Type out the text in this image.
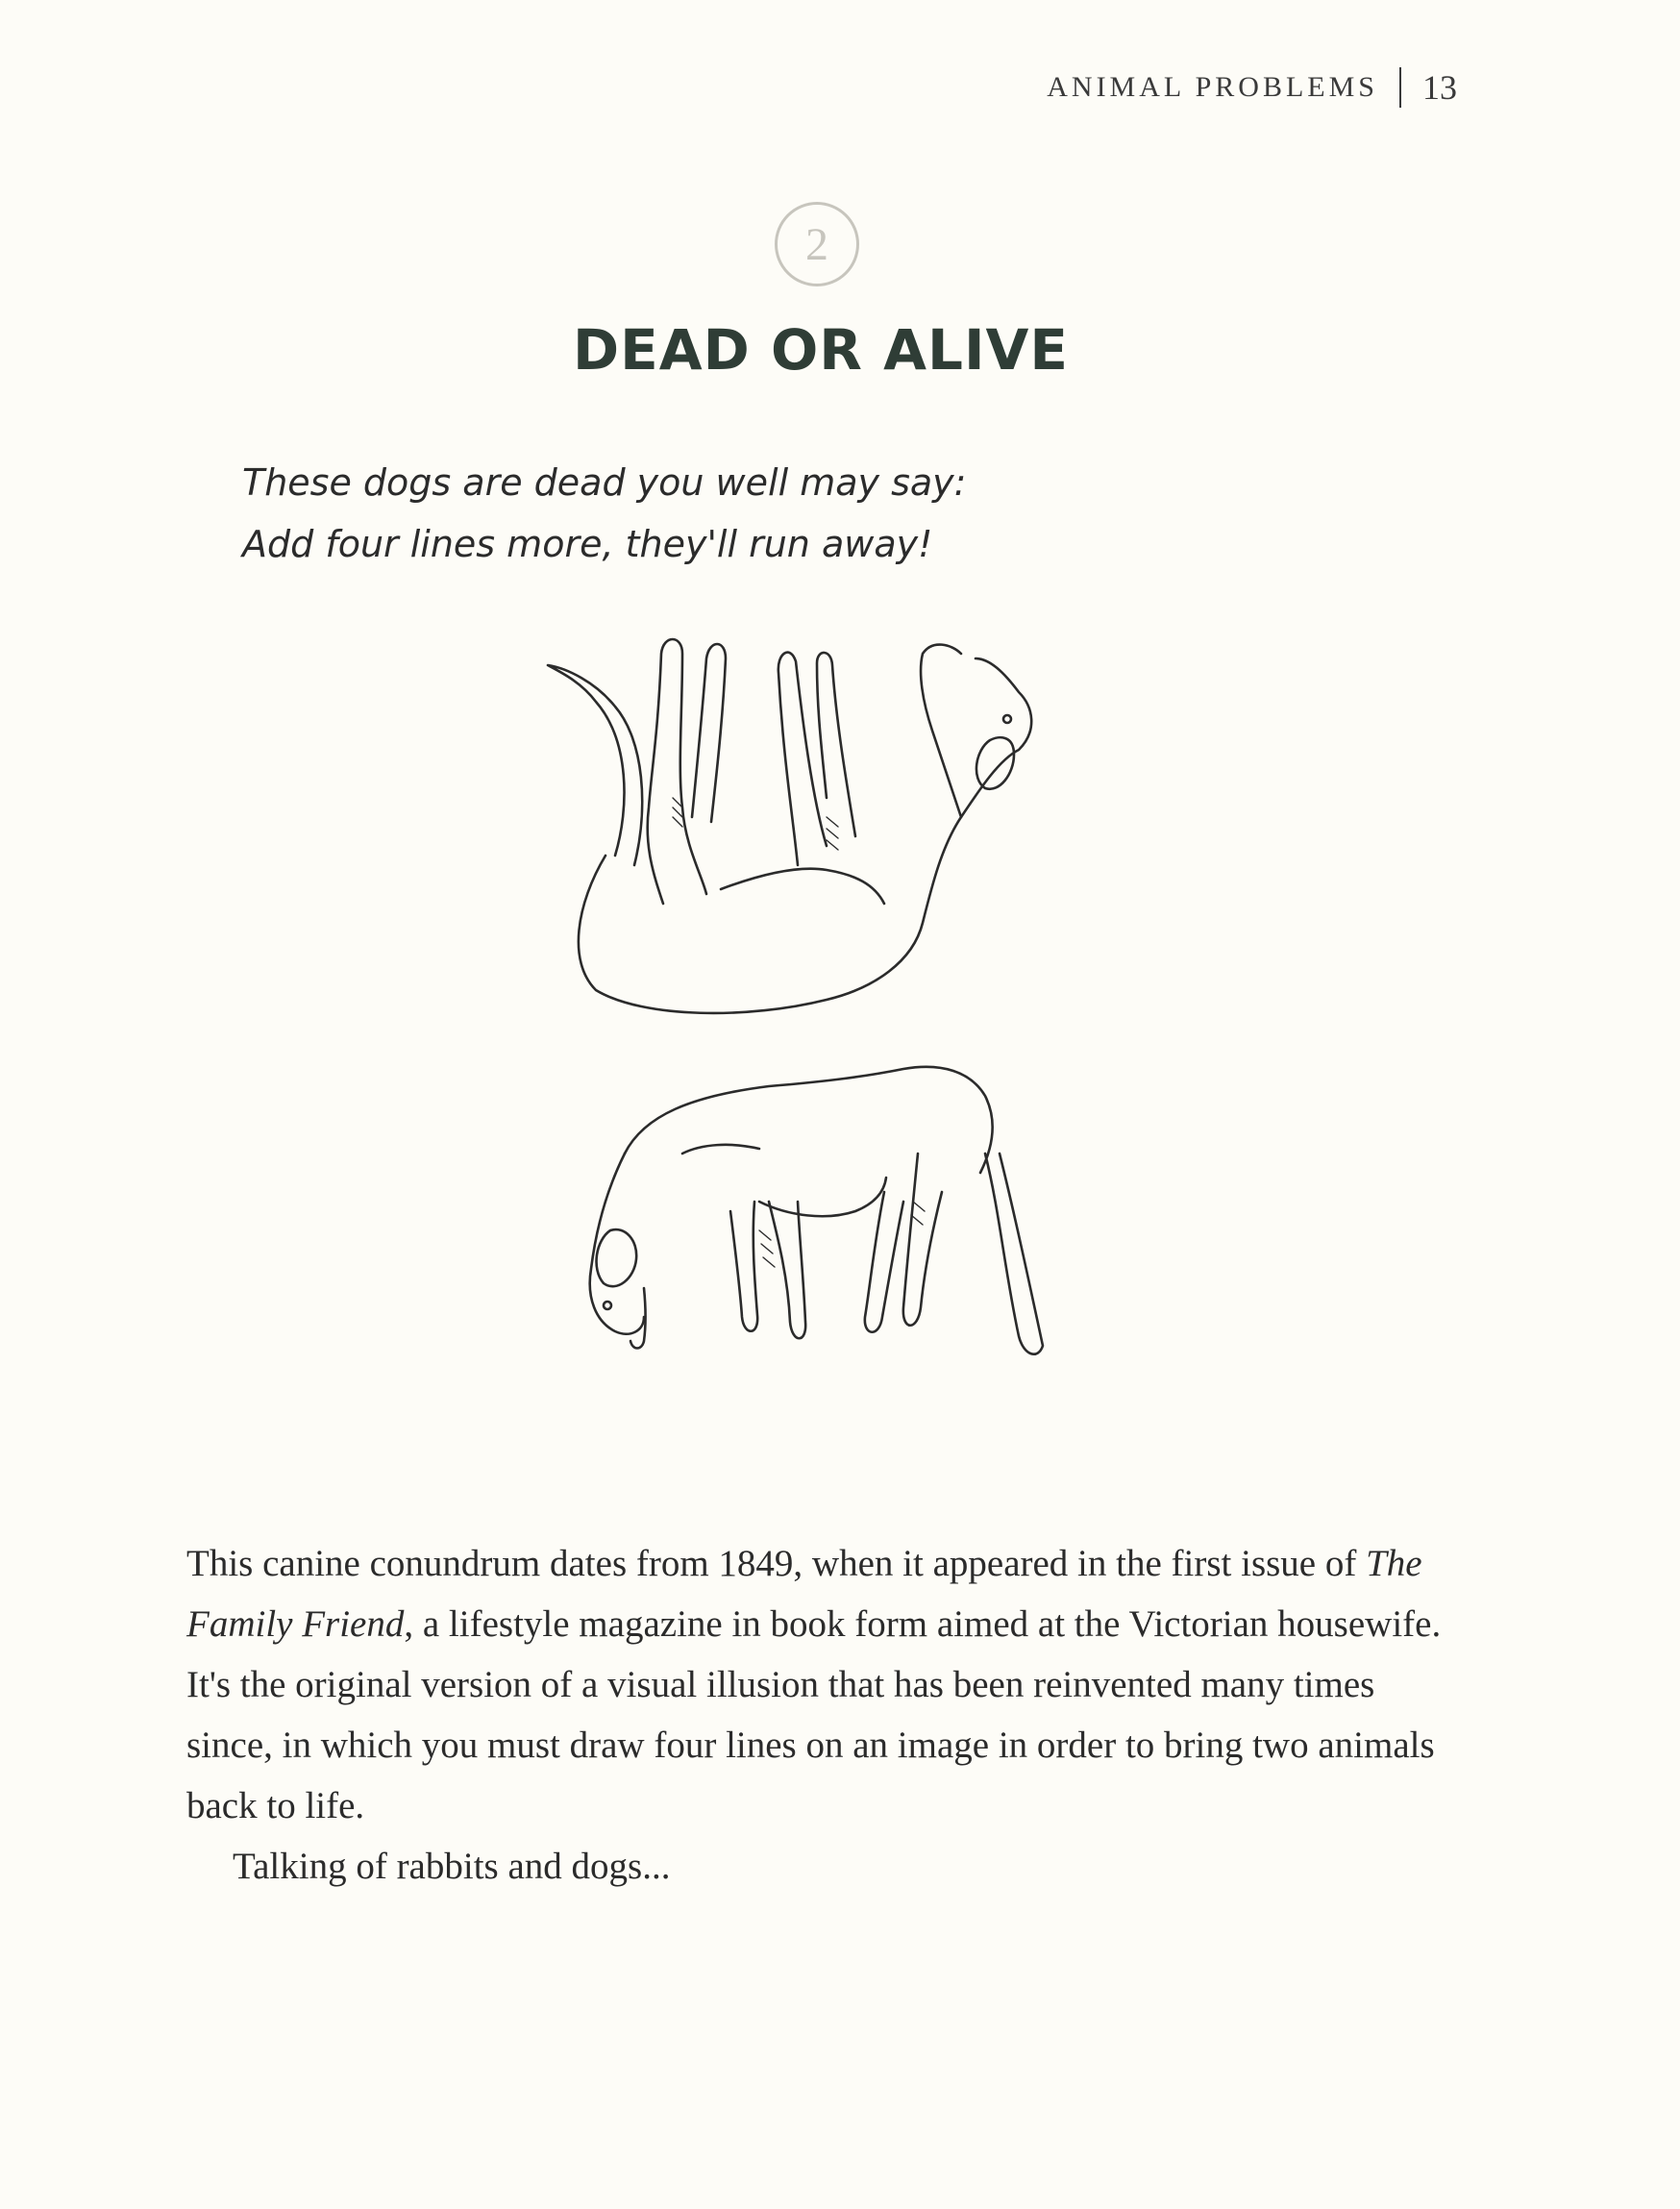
ANIMAL PROBLEMS 13
2
DEAD OR ALIVE
These dogs are dead you well may say:
Add four lines more, they'll run away!

This canine conundrum dates from 1849, when it appeared in the first issue of The Family Friend, a lifestyle magazine in book form aimed at the Victorian housewife. It's the original version of a visual illusion that has been reinvented many times since, in which you must draw four lines on an image in order to bring two animals back to life.

Talking of rabbits and dogs...
